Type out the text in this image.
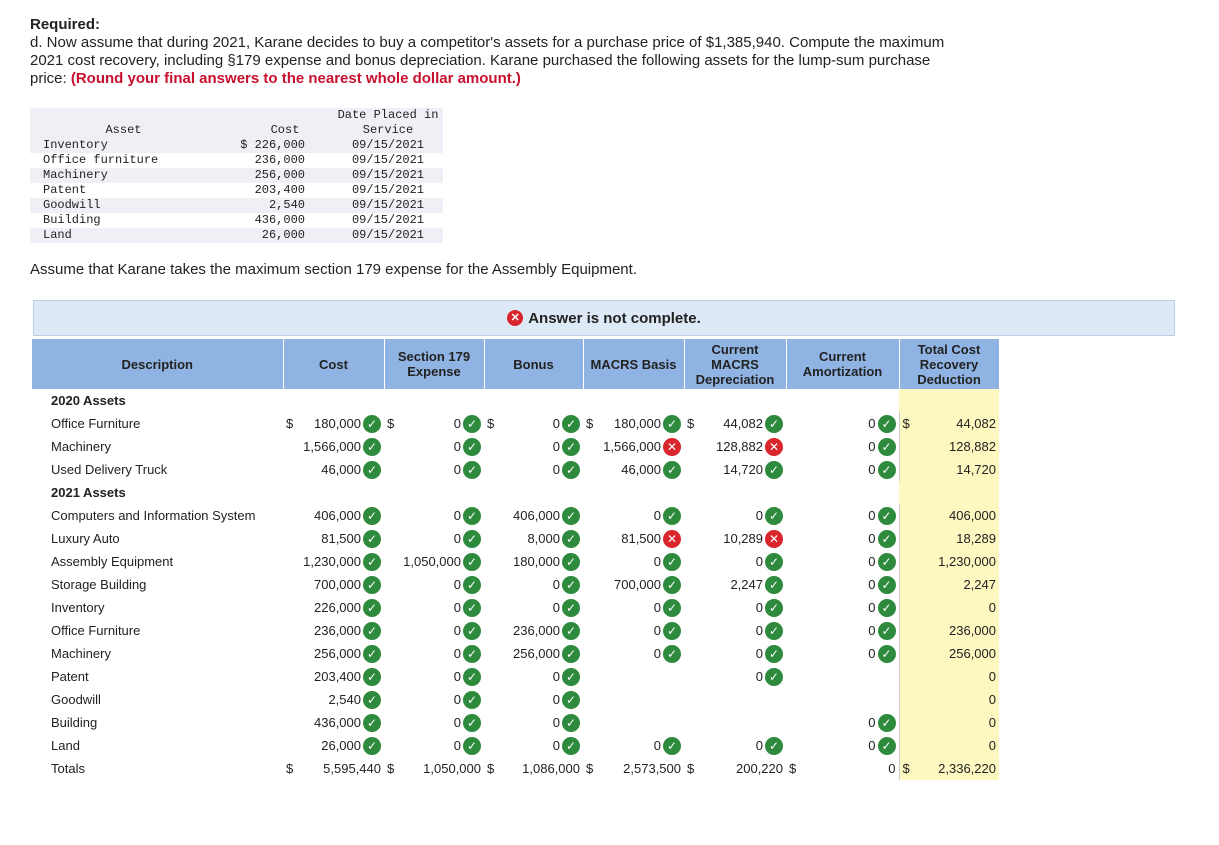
Required:
d. Now assume that during 2021, Karane decides to buy a competitor's assets for a purchase price of $1,385,940. Compute the maximum 2021 cost recovery, including §179 expense and bonus depreciation. Karane purchased the following assets for the lump-sum purchase price: (Round your final answers to the nearest whole dollar amount.)
		Date Placed in
Asset	Cost	Service
Inventory	$ 226,000	09/15/2021
Office furniture	236,000	09/15/2021
Machinery	256,000	09/15/2021
Patent	203,400	09/15/2021
Goodwill	2,540	09/15/2021
Building	436,000	09/15/2021
Land	26,000	09/15/2021
Assume that Karane takes the maximum section 179 expense for the Assembly Equipment.
✕ Answer is not complete.
Description	Cost	Section 179 Expense	Bonus	MACRS Basis	Current MACRS Depreciation	Current Amortization	Total Cost Recovery Deduction
2020 Assets							
Office Furniture	$ 180,000 ✓	$ 0 ✓	$ 0 ✓	$ 180,000 ✓	$ 44,082 ✓	0 ✓	$ 44,082

Machinery	1,566,000 ✓	0 ✓	0 ✓	1,566,000 ✕	128,882 ✕	0 ✓	128,882

Used Delivery Truck	46,000 ✓	0 ✓	0 ✓	46,000 ✓	14,720 ✓	0 ✓	14,720

2021 Assets							
Computers and Information System	406,000 ✓	0 ✓	406,000 ✓	0 ✓	0 ✓	0 ✓	406,000

Luxury Auto	81,500 ✓	0 ✓	8,000 ✓	81,500 ✕	10,289 ✕	0 ✓	18,289

Assembly Equipment	1,230,000 ✓	1,050,000 ✓	180,000 ✓	0 ✓	0 ✓	0 ✓	1,230,000

Storage Building	700,000 ✓	0 ✓	0 ✓	700,000 ✓	2,247 ✓	0 ✓	2,247

Inventory	226,000 ✓	0 ✓	0 ✓	0 ✓	0 ✓	0 ✓	0

Office Furniture	236,000 ✓	0 ✓	236,000 ✓	0 ✓	0 ✓	0 ✓	236,000

Machinery	256,000 ✓	0 ✓	256,000 ✓	0 ✓	0 ✓	0 ✓	256,000

Patent	203,400 ✓	0 ✓	0 ✓		0 ✓		0

Goodwill	2,540 ✓	0 ✓	0 ✓				0

Building	436,000 ✓	0 ✓	0 ✓			0 ✓	0

Land	26,000 ✓	0 ✓	0 ✓	0 ✓	0 ✓	0 ✓	0

Totals	$ 5,595,440	$ 1,050,000	$ 1,086,000	$ 2,573,500	$ 200,220	$ 0	$ 2,336,220
